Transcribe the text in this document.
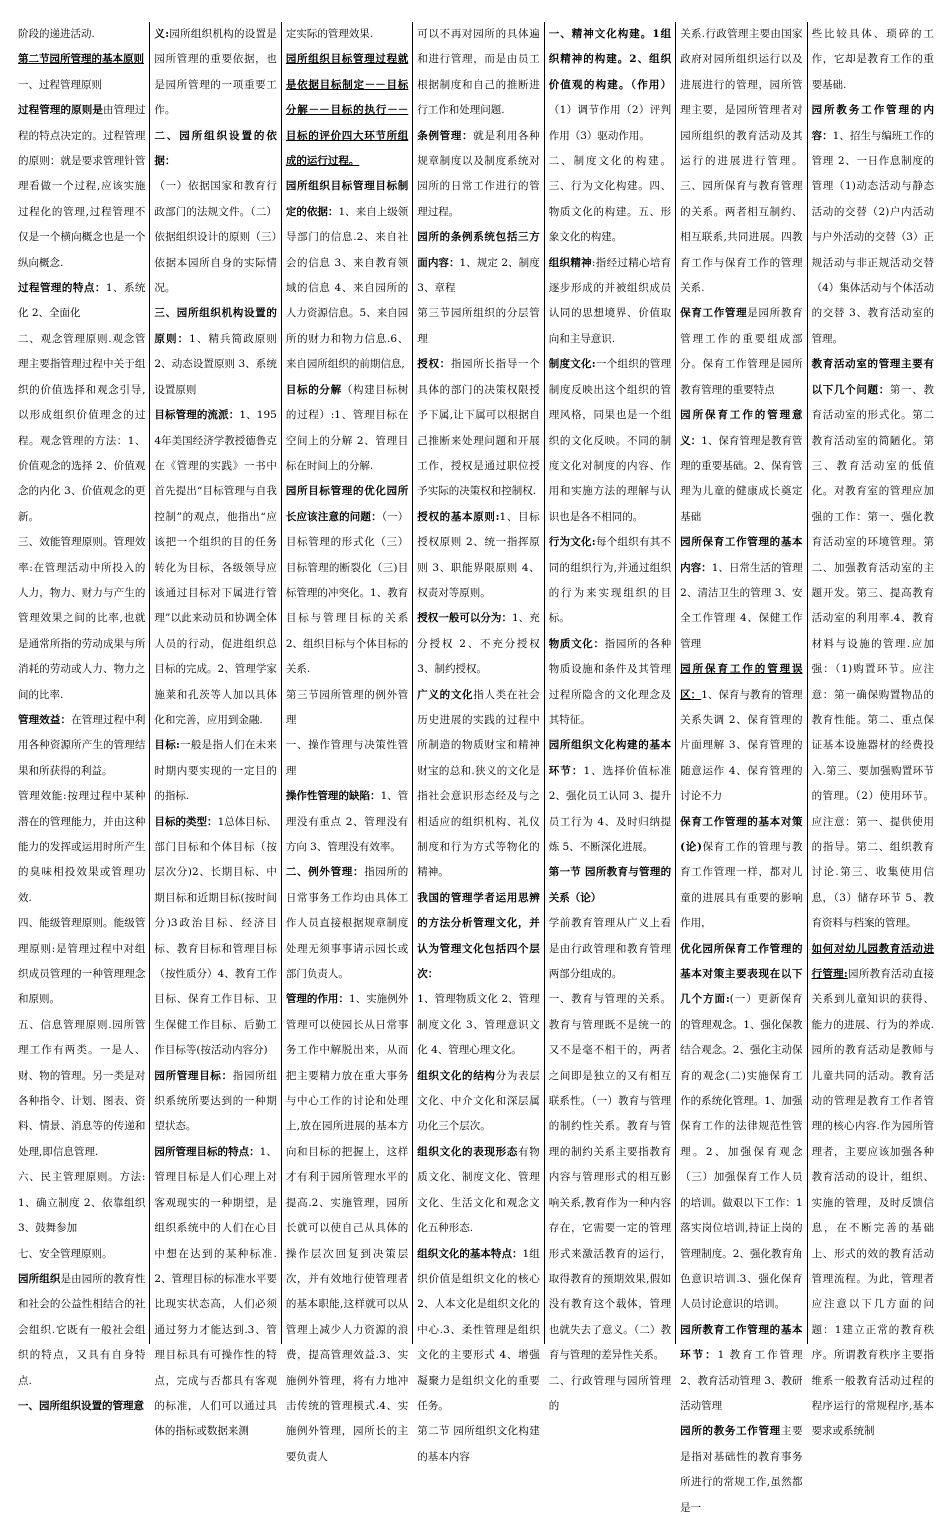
阶段的递进活动.

第二节园所管理的基本原则

一、过程管理原则

过程管理的原则是由管理过程的特点决定的。过程管理的原则：就是要求管理针管理看做一个过程,应该实施过程化的管理,过程管理不仅是一个横向概念也是一个纵向概念.

过程管理的特点：1、系统化 2、全面化

二、观念管理原则.观念管理主要指管理过程中关于组织的价值选择和观念引导,以形成组织价值理念的过程。观念管理的方法：1、价值观念的选择 2、价值观念的内化 3、价值观念的更新。

三、效能管理原则。管理效率:在管理活动中所投入的人力，物力、财力与产生的管理效果之间的比率,也就是通常所指的劳动成果与所消耗的劳动或人力、物力之间的比率.

管理效益：在管理过程中利用各种资源所产生的管理结果和所获得的利益。

管理效能:按理过程中某种潜在的管理能力，并由这种能力的发挥或运用时所产生的臭味相投效果或管理功效.

四、能级管理原则。能级管理原则:是管理过程中对组织成员管理的一种管理理念和原则。

五、信息管理原则.园所管理工作有两类。一是人、财、物的管理。另一类是对各种指令、计划、图表、资料、情景、消息等的传递和处理,即信息管理.

六、民主管理原则。方法:1、确立制度 2、依靠组织 3、鼓舞参加

七、安全管理原则。

园所组织是由园所的教育性和社会的公益性相结合的社会组织.它既有一般社会组织的特点，又具有自身特点.

一、园所组织设置的管理意

义:园所组织机构的设置是园所管理的重要依据，也是园所管理的一项重要工作。

二、园所组织设置的依据：

（一）依据国家和教育行政部门的法规文件。（二）依据组织设计的原则（三）依据本园所自身的实际情况。

三、园所组织机构设置的原则：1、精兵简政原则 2、动态设置原则 3、系统设置原则

目标管理的流派：1、1954年美国经济学教授德鲁克在《管理的实践》一书中首先提出“目标管理与自我控制”的观点，他指出“应该把一个组织的目的任务转化为目标，各级领导应该通过目标对下属进行管理”以此来动员和协调全体人员的行动，促进组织总目标的完成。2、管理学家施莱和孔茨等人加以具体化和完善，应用到金融.

目标:一般是指人们在未来时期内要实现的一定目的的指标.

目标的类型：1总体目标、部门目标和个体目标（按层次分)2、长期目标、中期目标和近期目标(按时间分)3政治目标、经济目标、教育目标和管理目标（按性质分）4、教育工作目标、保育工作目标、卫生保健工作目标、后勤工作目标等(按活动内容分)

园所管理目标：指园所组织系统所要达到的一种期望状态。

园所管理目标的特点：1、管理目标是人们心理上对客观现实的一种期望，是组织系统中的人们在心目中想在达到的某种标准.2、管理目标的标准水平要比现实状态高，人们必须通过努力才能达到.3、管理目标具有可操作性的特点，完成与否都具有客观的标准，人们可以通过具体的指标或数据来测

定实际的管理效果.

园所组织目标管理过程就是依据目标制定－－目标分解－－目标的执行－－目标的评价四大环节所组成的运行过程。

园所组织目标管理目标制定的依据：1、来自上级领导部门的信息.2、来自社会的信息 3、来自教育领域的信息 4、来自园所的人力资源信息。5、来自园所的财力和物力信息.6、来自园所组织的前期信息,

目标的分解（构建目标树的过程）:1、管理目标在空间上的分解 2、管理目标在时间上的分解.

园所目标管理的优化园所长应该注意的问题：（一）目标管理的形式化（三）目标管理的断裂化（三)目标管理的冲突化。1、教育目标与管理目标的关系 2、组织目标与个体目标的关系.

第三节园所管理的例外管理

一、操作管理与决策性管理

操作性管理的缺陷：1、管理没有重点 2、管理没有方向 3、管理没有效率。

二、例外管理：指园所的日常事务工作均由具体工作人员直接根据规章制度处理无须事事请示园长或部门负责人。

管理的作用：1、实施例外管理可以使园长从日常事务工作中解脱出来，从而把主要精力放在重大事务与中心工作的讨论和处理上,放在园所进展的基本方向和目标的把握上，这样才有利于园所管理水平的提高.2、实施管理，园所长就可以使自己从具体的操作层次回复到决策层次，并有效地行使管理者的基本职能,这样就可以从管理上减少人力资源的浪费，提高管理效益.3、实施例外管理，将有力地冲击传统的管理模式.4、实施例外管理，园所长的主要负责人

可以不再对园所的具体遍和进行管理，而是由员工根据制度和自己的推断进行工作和处理问题.

条例管理：就是利用各种规章制度以及制度系统对园所的日常工作进行的管理过程。

园所的条例系统包括三方面内容：1、规定 2、制度 3、章程

第三节园所组织的分层管理

授权：指园所长指导一个具体的部门的决策权限授予下属,让下属可以根据自己推断来处理问题和开展工作，授权是通过职位授予实际的决策权和控制权.

授权的基本原则:1、目标授权原则 2、统一指挥原则 3、职能界限原则 4、权责对等原则。

授权一般可以分为：1、充分授权 2、不充分授权 3、制约授权。

广义的文化指人类在社会历史进展的实践的过程中所制造的物质财宝和精神财宝的总和.狭义的文化是指社会意识形态经及与之相适应的组织机构、礼仪制度和行为方式等物化的精神。

我国的管理学者运用思辨的方法分析管理文化，并认为管理文化包括四个层次：

1、管理物质文化 2、管理制度文化 3、管理意识文化 4、管理心理文化。

组织文化的结构分为表层文化、中介文化和深层属功化三个层次。

组织文化的表现形态有物质文化、制度文化、管理文化、生活文化和观念文化五种形态.

组织文化的基本特点：1组织价值是组织文化的核心 2、人本文化是组织文化的中心.3、柔性管理是组织文化的主要形式 4、增强凝聚力是组织文化的重要任务。

第二节 园所组织文化构建的基本内容

一、精神文化构建。1组织精神的构建。2、组织价值观的构建。（作用）（1）调节作用（2）评判作用（3）驱动作用。

二、制度文化的构建。三、行为文化构建。四、物质文化的构建。五、形象文化的构建。

组织精神:指经过精心培育逐步形成的并被组织成员认同的思想境界、价值取向和主导意识.

制度文化:一个组织的管理制度反映出这个组织的管理风格，同果也是一个组织的文化反映。不同的制度文化对制度的内容、作用和实施方法的理解与认识也是各不相同的。

行为文化:每个组织有其不同的组织行为,并通过组织的行为来实现组织的目标。

物质文化：指园所的各种物质设施和条件及其管理过程所隐含的文化理念及其特征。

园所组织文化构建的基本环节：1、选择价值标准 2、强化员工认同 3、提升员工行为 4、及时归纳提炼 5、不断深化进展。

第一节 园所教育与管理的关系（论）

学前教育管理从广义上看是由行政管理和教育管理两部分组成的。

一、教育与管理的关系。教育与管理既不是统一的又不是毫不相干的，两者之间即是独立的又有相互联系性。（一）教育与管理的制约性关系。教育与管理的制约关系主要指教育内容与管理形式的相互影响关系,教育作为一种内容存在，它需要一定的管理形式来激活教育的运行，取得教育的预期效果,假如没有教育这个载体，管理也就失去了意义。（二）教育与管理的差异性关系。

二、行政管理与园所管理的

关系.行政管理主要由国家政府对园所组织运行以及进展进行的管理，园所管理主要，是园所管理者对园所组织的教育活动及其运行的进展进行管理。三、园所保育与教育管理的关系。两者相互制约、相互联系,共同进展。四教育工作与保育工作的管理关系.

保育工作管理是园所教育管理工作的重要组成部分。保育工作管理是园所教育管理的重要特点

园所保育工作的管理意义：1、保育管理是教育管理的重要基础。2、保育管理为儿童的健康成长奠定基础

园所保育工作管理的基本内容：1、日常生活的管理 2、清洁卫生的管理 3、安全工作管理 4、保健工作管理

园所保育工作的管理误区：1、保育与教育的管理关系失调 2、保育管理的片面理解 3、保育管理的随意运作 4、保育管理的讨论不力

保育工作管理的基本对策(论)保育工作的管理与教育工作管理一样，都对儿童的进展具有重要的影响作用，

优化园所保育工作管理的基本对策主要表现在以下几个方面:(一）更新保育的管理观念。1、强化保教结合观念。2、强化主动保育的观念(二)实施保育工作的系统化管理。1、加强保育工作的法律规范性管理。2、加强保育观念（三）加强保育工作人员的培训。做艰以下工作：1落实岗位培训,持证上岗的管理制度。2、强化教育角色意识培训.3、强化保育人员讨论意识的培训。

园所教育工作管理的基本环节：1 教育工作管理 2、教育活动管理 3、教研活动管理

园所的教务工作管理主要是指对基础性的教育事务所进行的常规工作,虽然都是一

些比较具体、琐碎的工作，它却是教育工作的重要基础.

园所教务工作管理的内容：1、招生与编班工作的管理 2、一日作息制度的管理（1)动态活动与静态活动的交替（2)户内活动与户外活动的交替（3）正规活动与非正规活动交替（4）集体活动与个体活动的交替 3、教育活动室的管理。

教育活动室的管理主要有以下几个问题：第一、教育活动室的形式化。第二教育活动室的简陋化。第三、教育活动室的低值化。对教育室的管理应加强的工作：第一、强化教育活动室的环境管理。第二、加强教育活动室的主题开发。第三、提高教育活动室的利用率.4、教育材料与设施的管理.应加强：（1)购置环节。应注意：第一确保购置物品的教育性能。第二、重点保证基本设施器材的经费投入.第三、要加强购置环节的管理。（2）使用环节。应注意：第一、提供使用的指导。第二、组织教育讨论.第三、收集使用信息，（3）储存环节 5、教育资料与档案的管理。

如何对幼儿园教育活动进行管理:园所教育活动直接关系到儿童知识的获得、能力的进展、行为的养成.园所的教育活动是教师与儿童共同的活动。教育活动的管理是教育工作者管理的核心内容.作为园所管理者，主要应该加强各种教育活动的设计，组织、实施的管理，及时反馈信息，在不断完善的基础上、形式的效的教育活动管理流程。为此，管理者应注意以下几方面的问题：1建立正常的教育秩序。所谓教育秩序主要指维系一般教育活动过程的程序运行的常规程序,基本要求或系统制
